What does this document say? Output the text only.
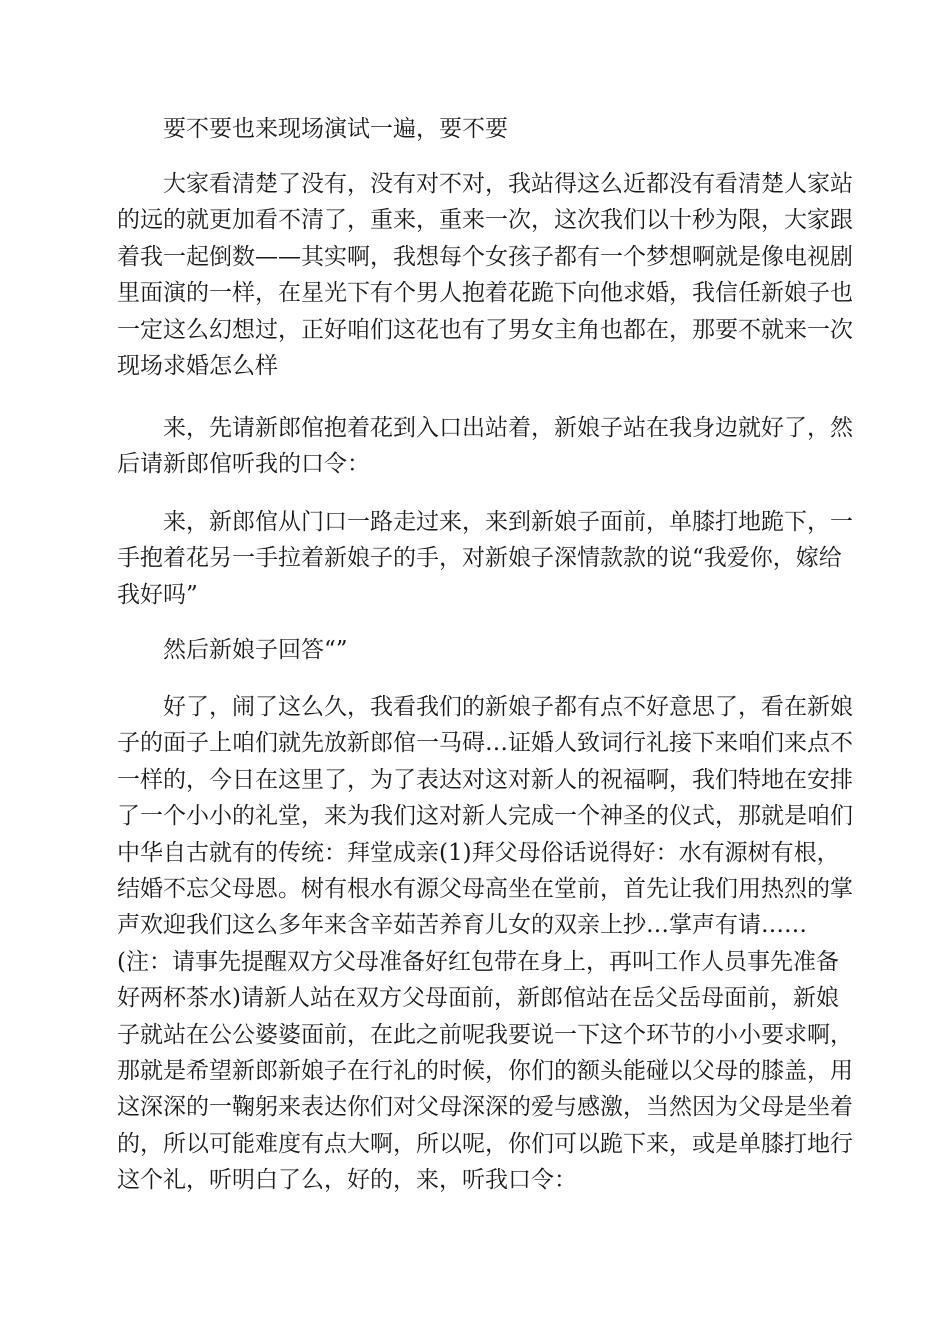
要不要也来现场演试一遍，要不要

大家看清楚了没有，没有对不对，我站得这么近都没有看清楚人家站
的远的就更加看不清了，重来，重来一次，这次我们以十秒为限，大家跟
着我一起倒数——其实啊，我想每个女孩子都有一个梦想啊就是像电视剧
里面演的一样，在星光下有个男人抱着花跪下向他求婚，我信任新娘子也
一定这么幻想过，正好咱们这花也有了男女主角也都在，那要不就来一次
现场求婚怎么样

来，先请新郎倌抱着花到入口出站着，新娘子站在我身边就好了，然
后请新郎倌听我的口令：

来，新郎倌从门口一路走过来，来到新娘子面前，单膝打地跪下，一
手抱着花另一手拉着新娘子的手，对新娘子深情款款的说“我爱你，嫁给
我好吗”

然后新娘子回答“”

好了，闹了这么久，我看我们的新娘子都有点不好意思了，看在新娘
子的面子上咱们就先放新郎倌一马碍…证婚人致词行礼接下来咱们来点不
一样的，今日在这里了，为了表达对这对新人的祝福啊，我们特地在安排
了一个小小的礼堂，来为我们这对新人完成一个神圣的仪式，那就是咱们
中华自古就有的传统：拜堂成亲(1)拜父母俗话说得好：水有源树有根，
结婚不忘父母恩。树有根水有源父母高坐在堂前，首先让我们用热烈的掌
声欢迎我们这么多年来含辛茹苦养育儿女的双亲上抄…掌声有请……
(注：请事先提醒双方父母准备好红包带在身上，再叫工作人员事先准备
好两杯茶水)请新人站在双方父母面前，新郎倌站在岳父岳母面前，新娘
子就站在公公婆婆面前，在此之前呢我要说一下这个环节的小小要求啊，
那就是希望新郎新娘子在行礼的时候，你们的额头能碰以父母的膝盖，用
这深深的一鞠躬来表达你们对父母深深的爱与感激，当然因为父母是坐着
的，所以可能难度有点大啊，所以呢，你们可以跪下来，或是单膝打地行
这个礼，听明白了么，好的，来，听我口令：
